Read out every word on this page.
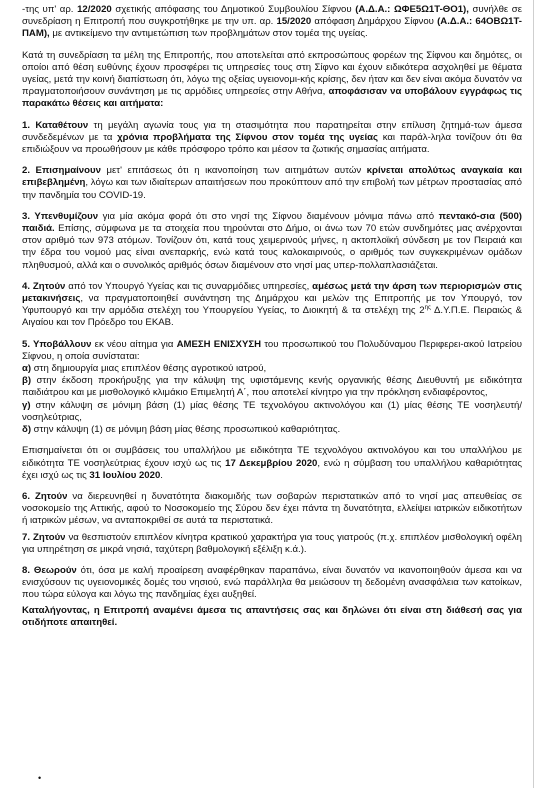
-της υπ' αρ. 12/2020 σχετικής απόφασης του Δημοτικού Συμβουλίου Σίφνου (Α.Δ.Α.: ΩΦΕ5Ω1Τ-ΘΟ1), συνήλθε σε συνεδρίαση η Επιτροπή που συγκροτήθηκε με την υπ. αρ. 15/2020 απόφαση Δημάρχου Σίφνου (Α.Δ.Α.: 64ΟΒΩ1Τ-ΠΑΜ), με αντικείμενο την αντιμετώπιση των προβλημάτων στον τομέα της υγείας.

Κατά τη συνεδρίαση τα μέλη της Επιτροπής, που αποτελείται από εκπροσώπους φορέων της Σίφνου και δημότες, οι οποίοι από θέση ευθύνης έχουν προσφέρει τις υπηρεσίες τους στη Σίφνο και έχουν ειδικότερα ασχοληθεί με θέματα υγείας, μετά την κοινή διαπίστωση ότι, λόγω της οξείας υγειονομι-κής κρίσης, δεν ήταν και δεν είναι ακόμα δυνατόν να πραγματοποιήσουν συνάντηση με τις αρμόδιες υπηρεσίες στην Αθήνα, αποφάσισαν να υποβάλουν εγγράφως τις παρακάτω θέσεις και αιτήματα:

1. Καταθέτουν τη μεγάλη αγωνία τους για τη στασιμότητα που παρατηρείται στην επίλυση ζητημά-των άμεσα συνδεδεμένων με τα χρόνια προβλήματα της Σίφνου στον τομέα της υγείας και παράλ-ληλα τονίζουν ότι θα επιδιώξουν να προωθήσουν με κάθε πρόσφορο τρόπο και μέσον τα ζωτικής σημασίας αιτήματα.

2. Επισημαίνουν μετ' επιτάσεως ότι η ικανοποίηση των αιτημάτων αυτών κρίνεται απολύτως αναγκαία και επιβεβλημένη, λόγω και των ιδιαίτερων απαιτήσεων που προκύπτουν από την επιβολή των μέτρων προστασίας από την πανδημία του COVID-19.

3. Υπενθυμίζουν για μία ακόμα φορά ότι στο νησί της Σίφνου διαμένουν μόνιμα πάνω από πεντακό-σια (500) παιδιά. Επίσης, σύμφωνα με τα στοιχεία που τηρούνται στο Δήμο, οι άνω των 70 ετών συνδημότες μας ανέρχονται στον αριθμό των 973 ατόμων. Τονίζουν ότι, κατά τους χειμερινούς μήνες, η ακτοπλοϊκή σύνδεση με τον Πειραιά και την έδρα του νομού μας είναι ανεπαρκής, ενώ κατά τους καλοκαιρινούς, ο αριθμός των συγκεκριμένων ομάδων πληθυσμού, αλλά και ο συνολικός αριθμός όσων διαμένουν στο νησί μας υπερ-πολλαπλασιάζεται.

4. Ζητούν από τον Υπουργό Υγείας και τις συναρμόδιες υπηρεσίες, αμέσως μετά την άρση των περιορισμών στις μετακινήσεις, να πραγματοποιηθεί συνάντηση της Δημάρχου και μελών της Επιτροπής με τον Υπουργό, τον Υφυπουργό και την αρμόδια στελέχη του Υπουργείου Υγείας, το Διοικητή & τα στελέχη της $2^{\eta\varsigma}$ Δ.Υ.Π.Ε. Πειραιώς & Αιγαίου και τον Πρόεδρο του ΕΚΑΒ.

5. Υποβάλλουν εκ νέου αίτημα για ΑΜΕΣΗ ΕΝΙΣΧΥΣΗ του προσωπικού του Πολυδύναμου Περιφερει-ακού Ιατρείου Σίφνου, η οποία συνίσταται:

α) στη δημιουργία μιας επιπλέον θέσης αγροτικού ιατρού,

β) στην έκδοση προκήρυξης για την κάλυψη της υφιστάμενης κενής οργανικής θέσης Διευθυντή με ειδικότητα παιδιάτρου και με μισθολογικό κλιμάκιο Επιμελητή Α΄, που αποτελεί κίνητρο για την πρόκληση ενδιαφέροντος,

γ) στην κάλυψη σε μόνιμη βάση (1) μίας θέσης ΤΕ τεχνολόγου ακτινολόγου και (1) μίας θέσης ΤΕ νοσηλευτή/νοσηλεύτριας,

δ) στην κάλυψη (1) σε μόνιμη βάση μίας θέσης προσωπικού καθαριότητας.

Επισημαίνεται ότι οι συμβάσεις του υπαλλήλου με ειδικότητα ΤΕ τεχνολόγου ακτινολόγου και του υπαλλήλου με ειδικότητα ΤΕ νοσηλεύτριας έχουν ισχύ ως τις 17 Δεκεμβρίου 2020, ενώ η σύμβαση του υπαλλήλου καθαριότητας έχει ισχύ ως τις 31 Ιουλίου 2020.

6. Ζητούν να διερευνηθεί η δυνατότητα διακομιδής των σοβαρών περιστατικών από το νησί μας απευθείας σε νοσοκομείο της Αττικής, αφού το Νοσοκομείο της Σύρου δεν έχει πάντα τη δυνατότητα, ελλείψει ιατρικών ειδικοτήτων ή ιατρικών μέσων, να ανταποκριθεί σε αυτά τα περιστατικά.

7. Ζητούν να θεσπιστούν επιπλέον κίνητρα κρατικού χαρακτήρα για τους γιατρούς (π.χ. επιπλέον μισθολογική οφέλη για υπηρέτηση σε μικρά νησιά, ταχύτερη βαθμολογική εξέλιξη κ.ά.).

8. Θεωρούν ότι, όσα με καλή προαίρεση αναφέρθηκαν παραπάνω, είναι δυνατόν να ικανοποιηθούν άμεσα και να ενισχύσουν τις υγειονομικές δομές του νησιού, ενώ παράλληλα θα μειώσουν τη δεδομένη ανασφάλεια των κατοίκων, που τώρα εύλογα και λόγω της πανδημίας έχει αυξηθεί.

Καταλήγοντας, η Επιτροπή αναμένει άμεσα τις απαντήσεις σας και δηλώνει ότι είναι στη διάθεσή σας για οτιδήποτε απαιτηθεί.

•
